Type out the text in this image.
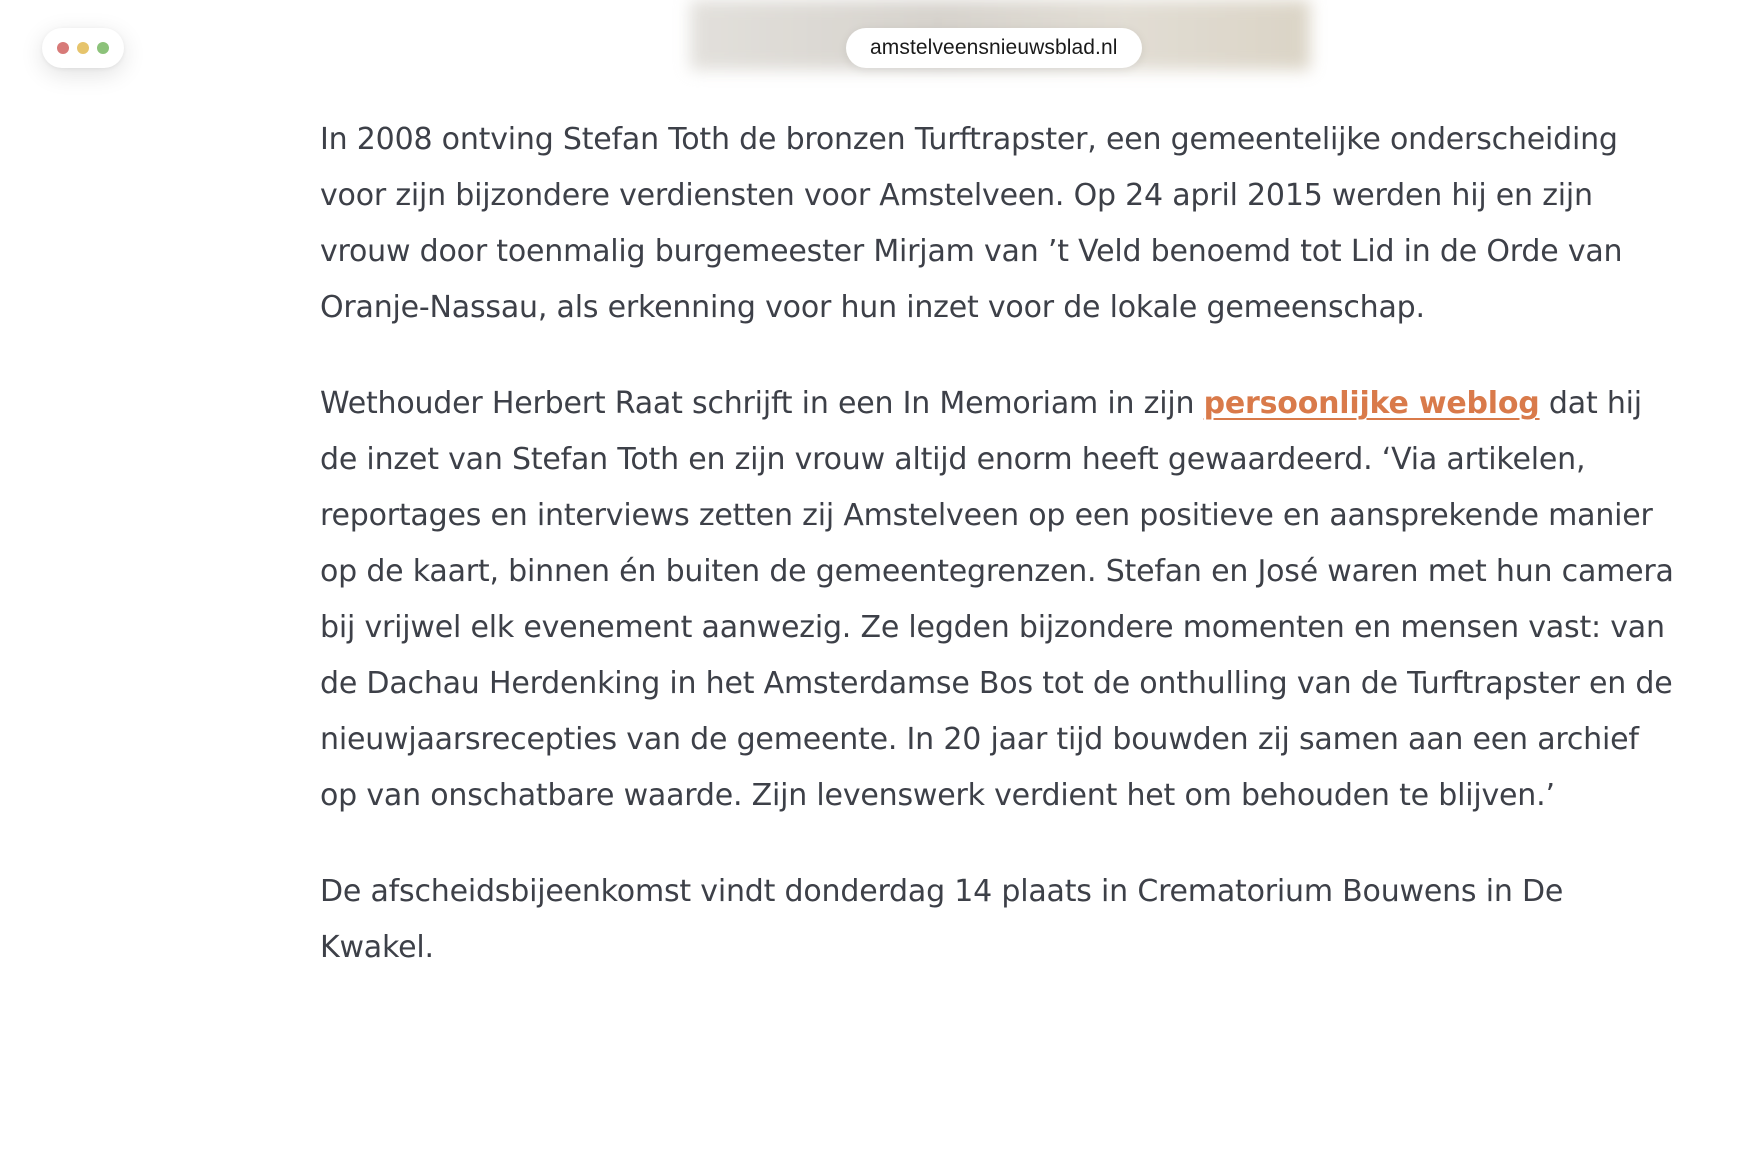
amstelveensnieuwsblad.nl

In 2008 ontving Stefan Toth de bronzen Turftrapster, een gemeentelijke onderscheiding voor zijn bijzondere verdiensten voor Amstelveen. Op 24 april 2015 werden hij en zijn vrouw door toenmalig burgemeester Mirjam van ’t Veld benoemd tot Lid in de Orde van Oranje-Nassau, als erkenning voor hun inzet voor de lokale gemeenschap.

Wethouder Herbert Raat schrijft in een In Memoriam in zijn persoonlijke weblog dat hij de inzet van Stefan Toth en zijn vrouw altijd enorm heeft gewaardeerd. ‘Via artikelen, reportages en interviews zetten zij Amstelveen op een positieve en aansprekende manier op de kaart, binnen én buiten de gemeentegrenzen. Stefan en José waren met hun camera bij vrijwel elk evenement aanwezig. Ze legden bijzondere momenten en mensen vast: van de Dachau Herdenking in het Amsterdamse Bos tot de onthulling van de Turftrapster en de nieuwjaarsrecepties van de gemeente. In 20 jaar tijd bouwden zij samen aan een archief op van onschatbare waarde. Zijn levenswerk verdient het om behouden te blijven.’

De afscheidsbijeenkomst vindt donderdag 14 plaats in Crematorium Bouwens in De Kwakel.
